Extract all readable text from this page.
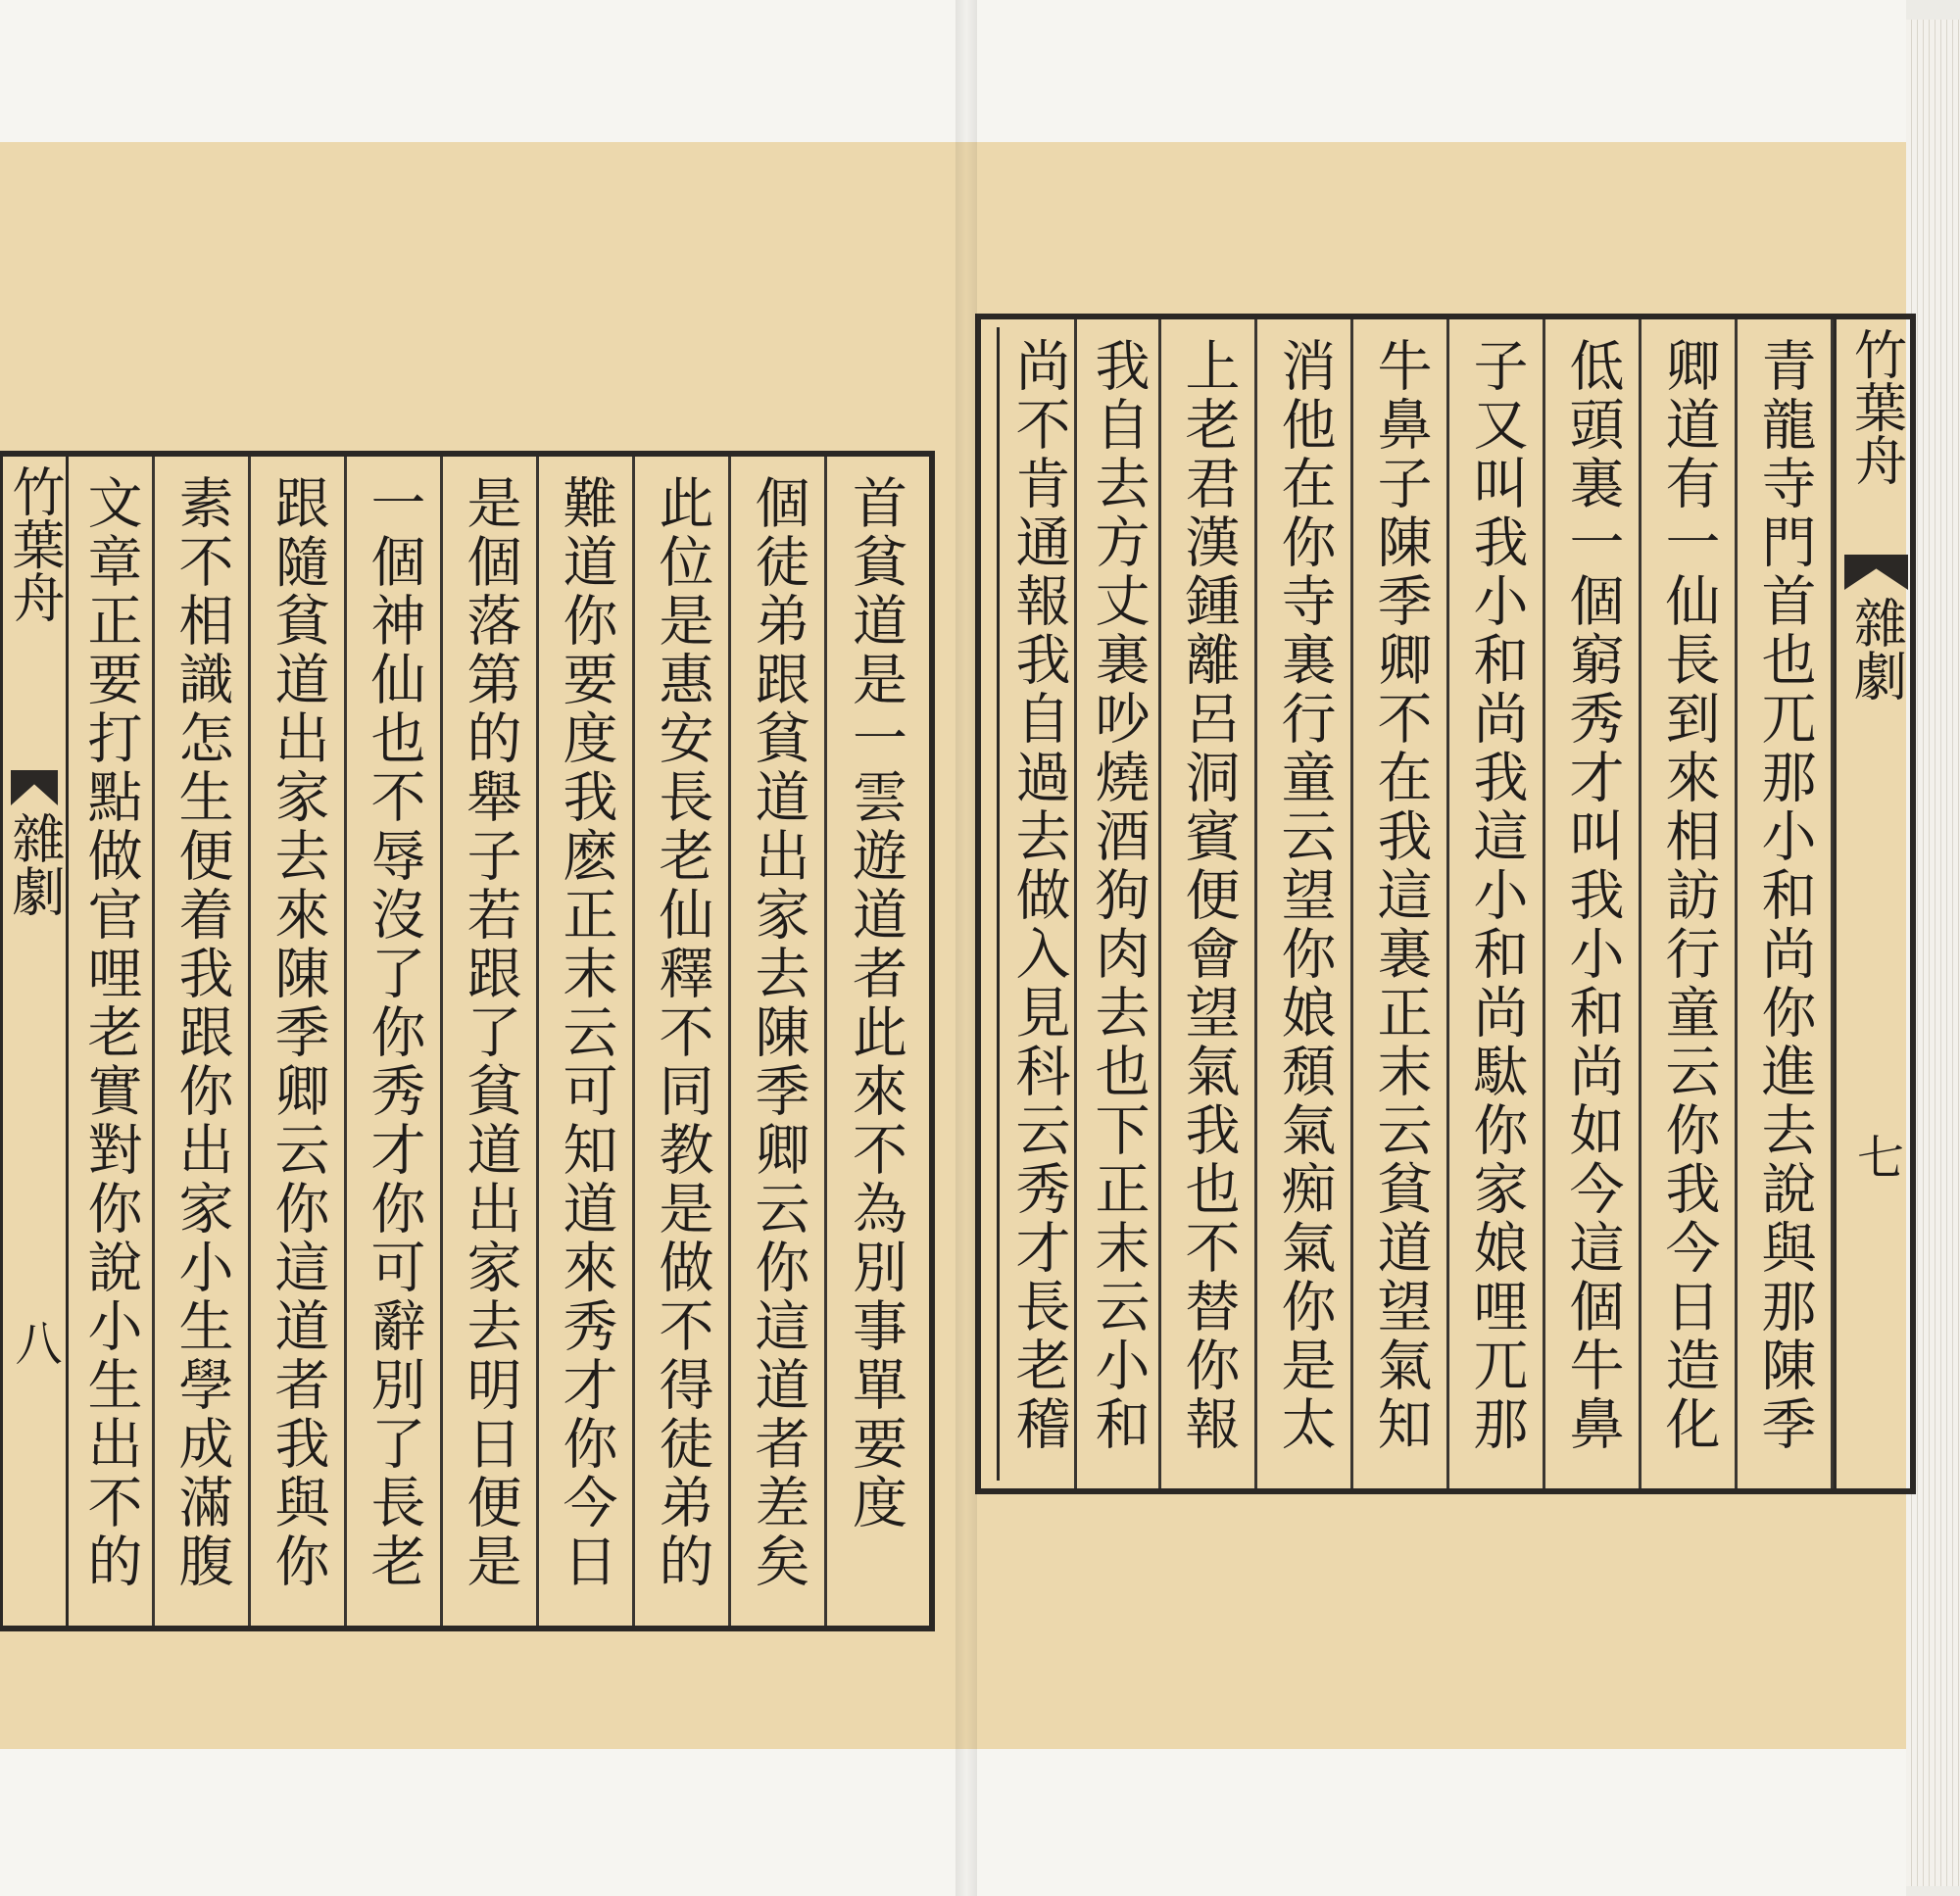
竹葉舟
雜劇
八	首貧道是一雲遊道者此來不為別事單要度
個徒弟跟貧道出家去陳季卿云你這道者差矣
此位是惠安長老仙釋不同教是做不得徒弟的
難道你要度我麽正末云可知道來秀才你今日
是個落第的舉子若跟了貧道出家去明日便是
一個神仙也不辱沒了你秀才你可辭別了長老
跟隨貧道出家去來陳季卿云你這道者我與你
素不相識怎生便着我跟你出家小生學成滿腹
文章正要打點做官哩老實對你說小生出不的
竹葉舟
雜劇
七
青龍寺門首也兀那小和尚你進去說與那陳季
卿道有一仙長到來相訪行童云你我今日造化
低頭裏一個窮秀才叫我小和尚如今這個牛鼻
子又叫我小和尚我這小和尚駄你家娘哩兀那
牛鼻子陳季卿不在我這裏正末云貧道望氣知
消他在你寺裏行童云望你娘頹氣痴氣你是太
上老君漢鍾離呂洞賓便會望氣我也不替你報
我自去方丈裏吵燒酒狗肉去也下正末云小和
尚不肯通報我自過去做入見科云秀才長老稽
